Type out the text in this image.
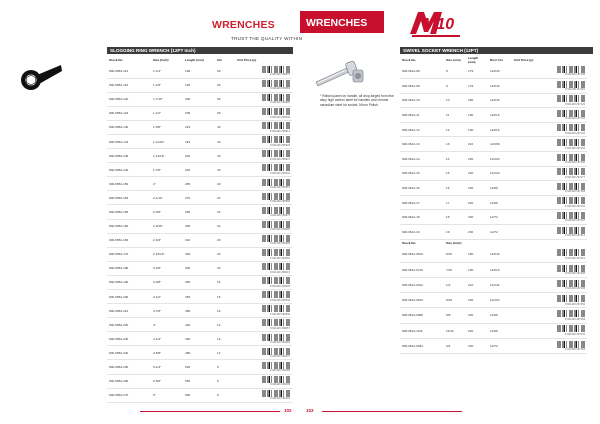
WRENCHES	WRENCHES	M10
TRUST THE QUALITY WITHIN
SLOGGING RING WRENCH (12PT Inch)
Stock No.	Size (Inch)	Length (mm)	Ctn	Unit Price (p)
900-0584-114	1-1/4"	190	60	8 941108 265876

900-0584-116	1-1/8"	190	60	8 941108 265883

900-0584-120	1-7/16"	200	60	8 941108 265890

900-0584-122	1-1/2"	205	60	8 941108 265906

900-0584-130	1-5/8"	219	40	8 941108 265913

900-0584-134	1-11/16"	219	40	8 941108 265920

900-0584-136	1-13/16"	240	40	8 941108 265937

900-0584-140	1-7/8"	240	40	8 941108 265944

900-0584-150	2"	265	40	8 941108 265951

900-0584-152	2-1/16"	270	24	8 941108 265968

900-0584-156	2-3/8"	285	24	8 941108 265975

900-0584-160	2-9/16"	300	24	8 941108 265982

900-0584-166	2-3/4"	310	20	8 941108 265999

900-0584-170	2-15/16"	320	20	8 941108 266002

900-0584-180	3-1/8"	330	20	8 941108 266019

900-0584-190	3-3/8"	350	16	8 941108 266026

900-0584-200	3-1/2"	350	16	8 941108 266033

900-0584-210	3-7/8"	380	16	8 941108 266040

900-0584-220	4"	420	12	8 941108 266057

900-0584-230	4-1/4"	450	12	8 941108 266064

900-0584-240	4-5/8"	480	12	8 941108 266071

900-0584-250	5-1/4"	520	8	8 941108 266088

900-0584-260	5-5/8"	550	8	8 941108 266095

900-0584-270	6"	590	8	8 941108 266101
SWIVEL SOCKET WRENCH (12PT)
* Raised-panel on handle, all drop-forged from fine alloy high carbon steel for handles and chrome vanadium steel for socket. Mirror Polish.
Stock No.	Size (mm)	Length (mm)	Box/ Ctn	Unit Price (p)
900-0612-08	8	179	12/240	8 941108 267108

900-0612-09	9	179	12/240	8 941108 267115

900-0612-10	10	180	12/240	8 941108 267122

900-0612-11	11	190	12/216	8 941108 267139

900-0612-12	12	190	12/216	8 941108 267146

900-0612-13	13	210	12/168	8 941108 267153

900-0612-14	14	220	12/120	8 941108 267160

900-0612-15	15	220	12/120	8 941108 267177

900-0612-16	16	220	12/96	8 941108 267184

900-0612-17	17	220	12/96	8 941108 267191

900-0612-18	18	230	12/72	8 941108 267207

900-0612-19	19	230	12/72	8 941108 267214

Stock No.	Size (Inch)			
900-0612-0516	5/16	180	12/240	8 941108 267221

900-0612-0716	7/16	190	12/216	8 941108 267238

900-0612-0012	1/2	210	12/144	8 941108 267245

900-0612-0916	9/16	220	12/120	8 941108 267252

900-0612-0058	5/8	230	12/96	8 941108 267269

900-0612-1116	11/16	220	12/96	8 941108 267276

900-0612-0034	3/4	230	12/72	8 941108 267283
102	103
